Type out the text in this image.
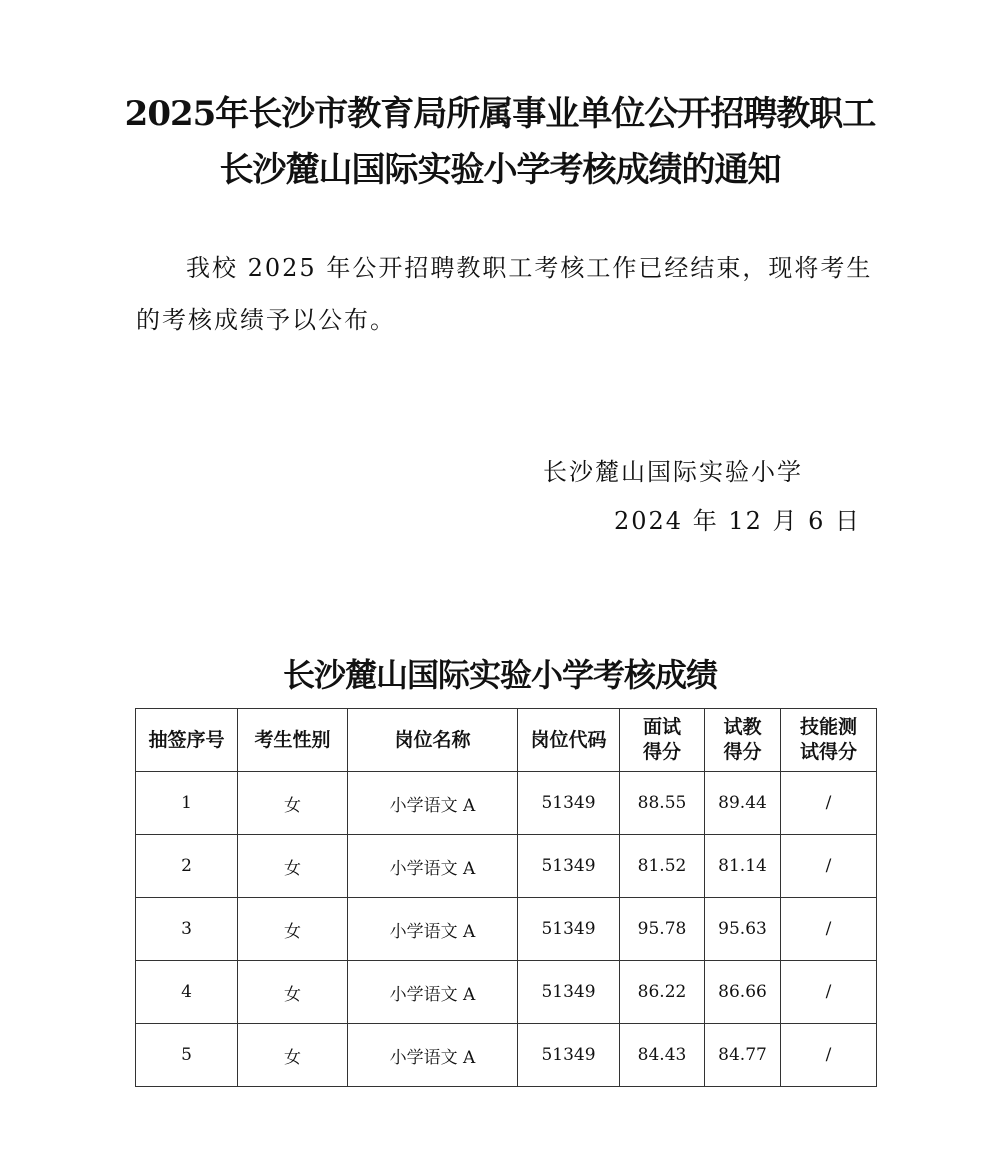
2025年长沙市教育局所属事业单位公开招聘教职工
长沙麓山国际实验小学考核成绩的通知

我校 2025 年公开招聘教职工考核工作已经结束，现将考生的考核成绩予以公布。

长沙麓山国际实验小学
2024 年 12 月 6 日
长沙麓山国际实验小学考核成绩
抽签序号	考生性别	岗位名称	岗位代码	面试得分	试教得分	技能测试得分
1	女	小学语文 A	51349	88.55	89.44	/
2	女	小学语文 A	51349	81.52	81.14	/
3	女	小学语文 A	51349	95.78	95.63	/
4	女	小学语文 A	51349	86.22	86.66	/
5	女	小学语文 A	51349	84.43	84.77	/
